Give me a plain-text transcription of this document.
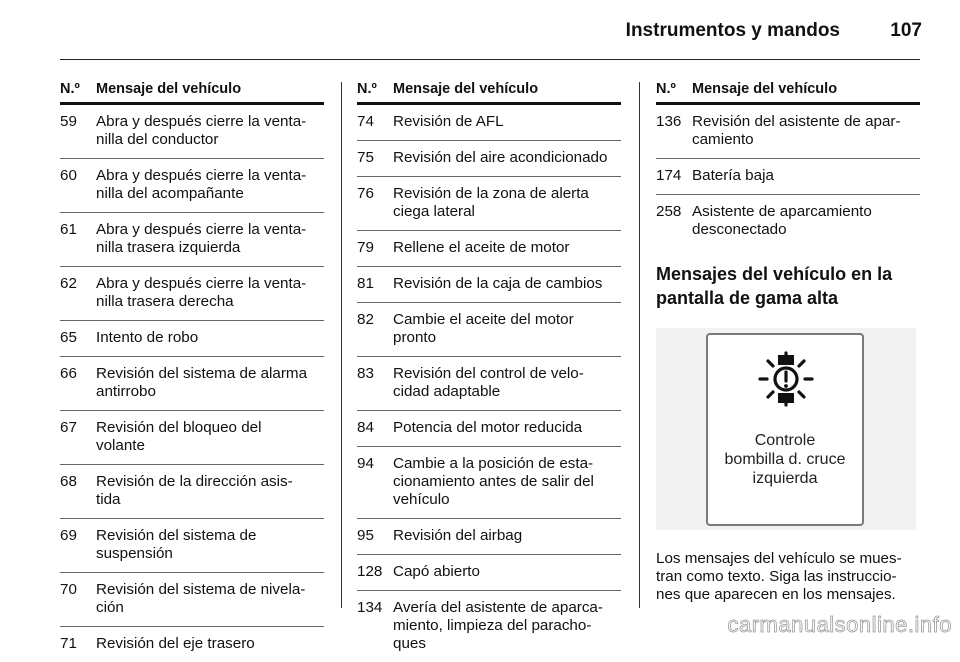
Instrumentos y mandos	107
N.º	Mensaje del vehículo
59	Abra y después cierre la venta-
nilla del conductor
60	Abra y después cierre la venta-
nilla del acompañante
61	Abra y después cierre la venta-
nilla trasera izquierda
62	Abra y después cierre la venta-
nilla trasera derecha
65	Intento de robo
66	Revisión del sistema de alarma
antirrobo
67	Revisión del bloqueo del
volante
68	Revisión de la dirección asis-
tida
69	Revisión del sistema de
suspensión
70	Revisión del sistema de nivela-
ción
71	Revisión del eje trasero
N.º	Mensaje del vehículo
74	Revisión de AFL
75	Revisión del aire acondicionado
76	Revisión de la zona de alerta
ciega lateral
79	Rellene el aceite de motor
81	Revisión de la caja de cambios
82	Cambie el aceite del motor
pronto
83	Revisión del control de velo-
cidad adaptable
84	Potencia del motor reducida
94	Cambie a la posición de esta-
cionamiento antes de salir del
vehículo
95	Revisión del airbag
128 Capó abierto
134 Avería del asistente de aparca-
miento, limpieza del paracho-
ques
N.º	Mensaje del vehículo
136 Revisión del asistente de apar-
camiento
174 Batería baja
258 Asistente de aparcamiento
desconectado
Mensajes del vehículo en la
pantalla de gama alta
Controle
bombilla d. cruce
izquierda
Los mensajes del vehículo se mues-
tran como texto. Siga las instruccio-
nes que aparecen en los mensajes.
carmanualsonline.info
